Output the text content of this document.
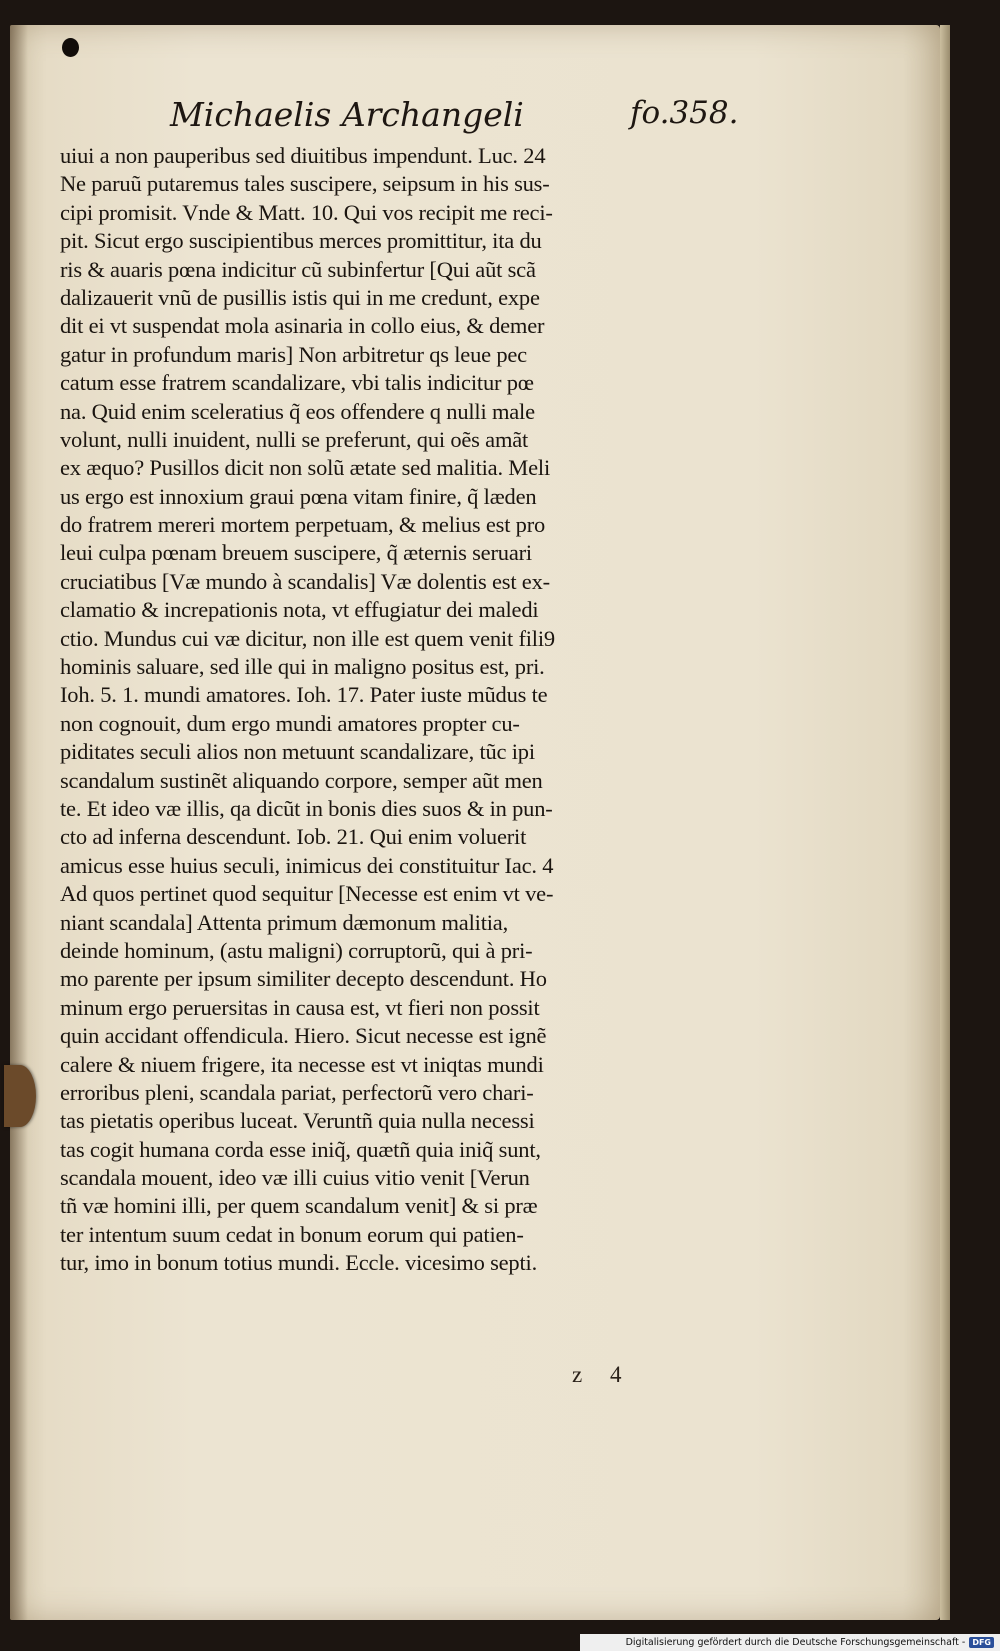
Michaelis Archangeli	fo.358.
uiui a non pauperibus sed diuitibus impendunt. Luc. 24
Ne paruũ putaremus tales suscipere, seipsum in his sus-
cipi promisit. Vnde & Matt. 10. Qui vos recipit me reci-
pit. Sicut ergo suscipientibus merces promittitur, ita du
ris & auaris pœna indicitur cũ subinfertur [Qui aũt scã
dalizauerit vnũ de pusillis istis qui in me credunt, expe
dit ei vt suspendat mola asinaria in collo eius, & demer
gatur in profundum maris] Non arbitretur qs leue pec
catum esse fratrem scandalizare, vbi talis indicitur pœ
na. Quid enim sceleratius q̃ eos offendere q nulli male
volunt, nulli inuident, nulli se preferunt, qui oẽs amãt
ex æquo? Pusillos dicit non solũ ætate sed malitia. Meli
us ergo est innoxium graui pœna vitam finire, q̃ læden
do fratrem mereri mortem perpetuam, & melius est pro
leui culpa pœnam breuem suscipere, q̃ æternis seruari
cruciatibus [Væ mundo à scandalis] Væ dolentis est ex-
clamatio & increpationis nota, vt effugiatur dei maledi
ctio. Mundus cui væ dicitur, non ille est quem venit fili9
hominis saluare, sed ille qui in maligno positus est, pri.
Ioh. 5. 1. mundi amatores. Ioh. 17. Pater iuste mũdus te
non cognouit, dum ergo mundi amatores propter cu-
piditates seculi alios non metuunt scandalizare, tũc ipi
scandalum sustinẽt aliquando corpore, semper aũt men
te. Et ideo væ illis, qa dicũt in bonis dies suos & in pun-
cto ad inferna descendunt. Iob. 21. Qui enim voluerit
amicus esse huius seculi, inimicus dei constituitur Iac. 4
Ad quos pertinet quod sequitur [Necesse est enim vt ve-
niant scandala] Attenta primum dæmonum malitia,
deinde hominum, (astu maligni) corruptorũ, qui à pri-
mo parente per ipsum similiter decepto descendunt. Ho
minum ergo peruersitas in causa est, vt fieri non possit
quin accidant offendicula. Hiero. Sicut necesse est ignẽ
calere & niuem frigere, ita necesse est vt iniqtas mundi
erroribus pleni, scandala pariat, perfectorũ vero chari-
tas pietatis operibus luceat. Veruntñ quia nulla necessi
tas cogit humana corda esse iniq̃, quætñ quia iniq̃ sunt,
scandala mouent, ideo væ illi cuius vitio venit [Verun
tñ væ homini illi, per quem scandalum venit] & si præ
ter intentum suum cedat in bonum eorum qui patien-
tur, imo in bonum totius mundi. Eccle. vicesimo septi.
z 4
Digitalisierung gefördert durch die Deutsche Forschungsgemeinschaft - DFG
